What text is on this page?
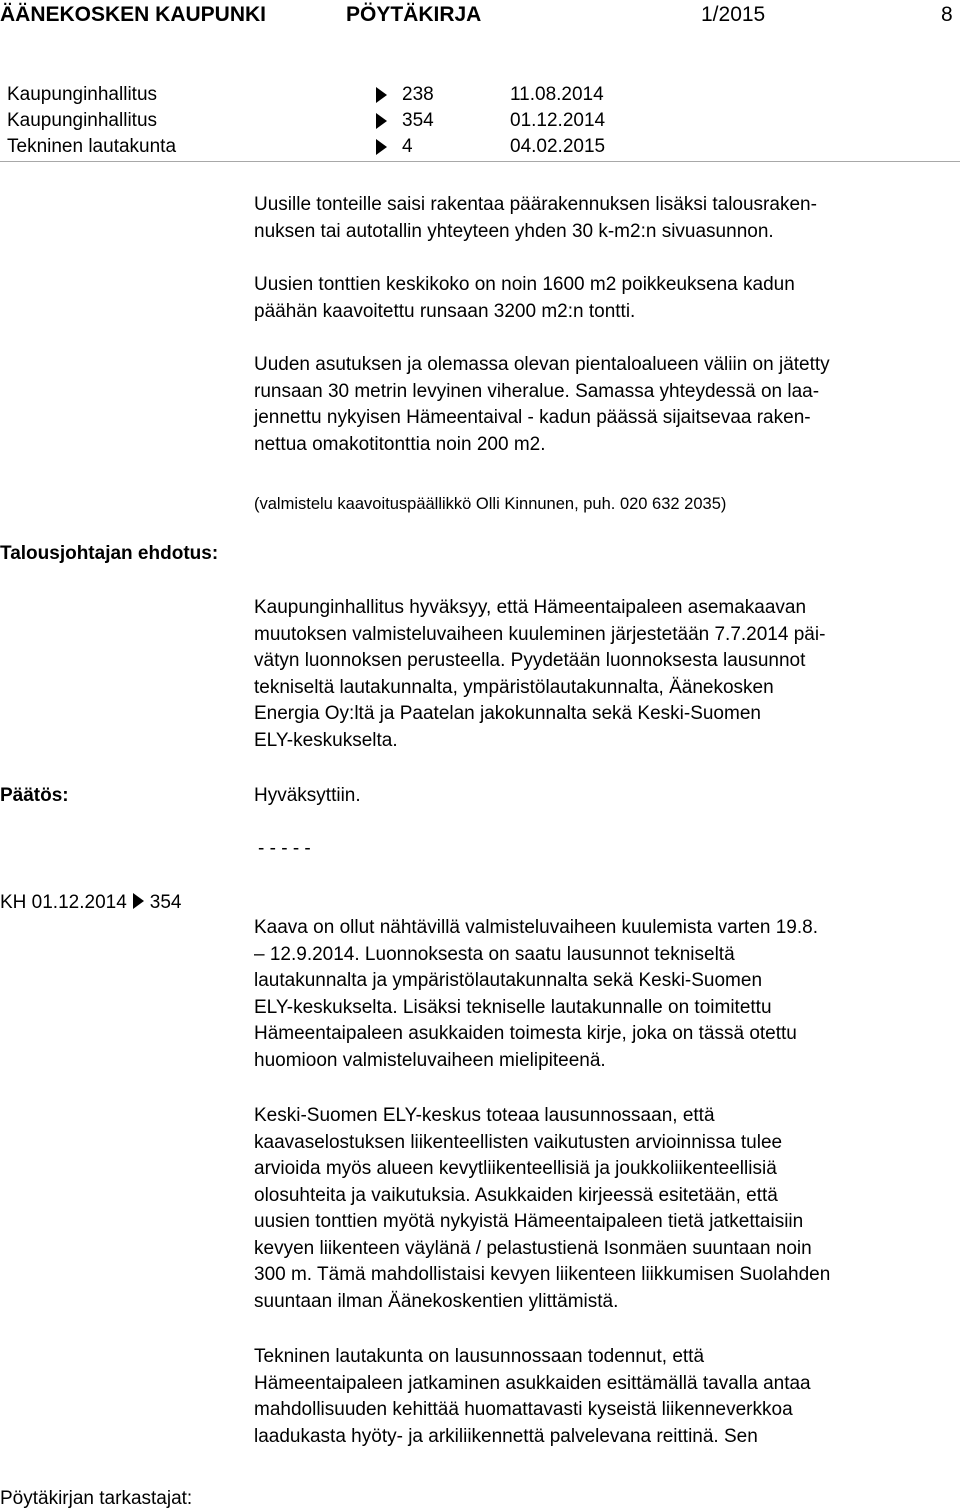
ÄÄNEKOSKEN KAUPUNKI	PÖYTÄKIRJA	1/2015	8
Kaupunginhallitus	238	11.08.2014
Kaupunginhallitus	354	01.12.2014
Tekninen lautakunta	4	04.02.2015

Uusille tonteille saisi rakentaa päärakennuksen lisäksi talousraken-
nuksen tai autotallin yhteyteen yhden 30 k-m2:n sivuasunnon.

Uusien tonttien keskikoko on noin 1600 m2 poikkeuksena kadun
päähän kaavoitettu runsaan 3200 m2:n tontti.

Uuden asutuksen ja olemassa olevan pientaloalueen väliin on jätetty
runsaan 30 metrin levyinen viheralue. Samassa yhteydessä on laa-
jennettu nykyisen Hämeentaival - kadun päässä sijaitsevaa raken-
nettua omakotitonttia noin 200 m2.

(valmistelu kaavoituspäällikkö Olli Kinnunen, puh. 020 632 2035)

Talousjohtajan ehdotus:

Kaupunginhallitus hyväksyy, että Hämeentaipaleen asemakaavan
muutoksen valmisteluvaiheen kuuleminen järjestetään 7.7.2014 päi-
vätyn luonnoksen perusteella. Pyydetään luonnoksesta lausunnot
tekniseltä lautakunnalta, ympäristölautakunnalta, Äänekosken
Energia Oy:ltä ja Paatelan jakokunnalta sekä Keski-Suomen
ELY-keskukselta.

Päätös:	Hyväksyttiin.

- - - - -

KH 01.12.2014 354

Kaava on ollut nähtävillä valmisteluvaiheen kuulemista varten 19.8.
– 12.9.2014. Luonnoksesta on saatu lausunnot tekniseltä
lautakunnalta ja ympäristölautakunnalta sekä Keski-Suomen
ELY-keskukselta. Lisäksi tekniselle lautakunnalle on toimitettu
Hämeentaipaleen asukkaiden toimesta kirje, joka on tässä otettu
huomioon valmisteluvaiheen mielipiteenä.

Keski-Suomen ELY-keskus toteaa lausunnossaan, että
kaavaselostuksen liikenteellisten vaikutusten arvioinnissa tulee
arvioida myös alueen kevytliikenteellisiä ja joukkoliikenteellisiä
olosuhteita ja vaikutuksia. Asukkaiden kirjeessä esitetään, että
uusien tonttien myötä nykyistä Hämeentaipaleen tietä jatkettaisiin
kevyen liikenteen väylänä / pelastustienä Isonmäen suuntaan noin
300 m. Tämä mahdollistaisi kevyen liikenteen liikkumisen Suolahden
suuntaan ilman Äänekoskentien ylittämistä.

Tekninen lautakunta on lausunnossaan todennut, että
Hämeentaipaleen jatkaminen asukkaiden esittämällä tavalla antaa
mahdollisuuden kehittää huomattavasti kyseistä liikenneverkkoa
laadukasta hyöty- ja arkiliikennettä palvelevana reittinä. Sen

Pöytäkirjan tarkastajat:
